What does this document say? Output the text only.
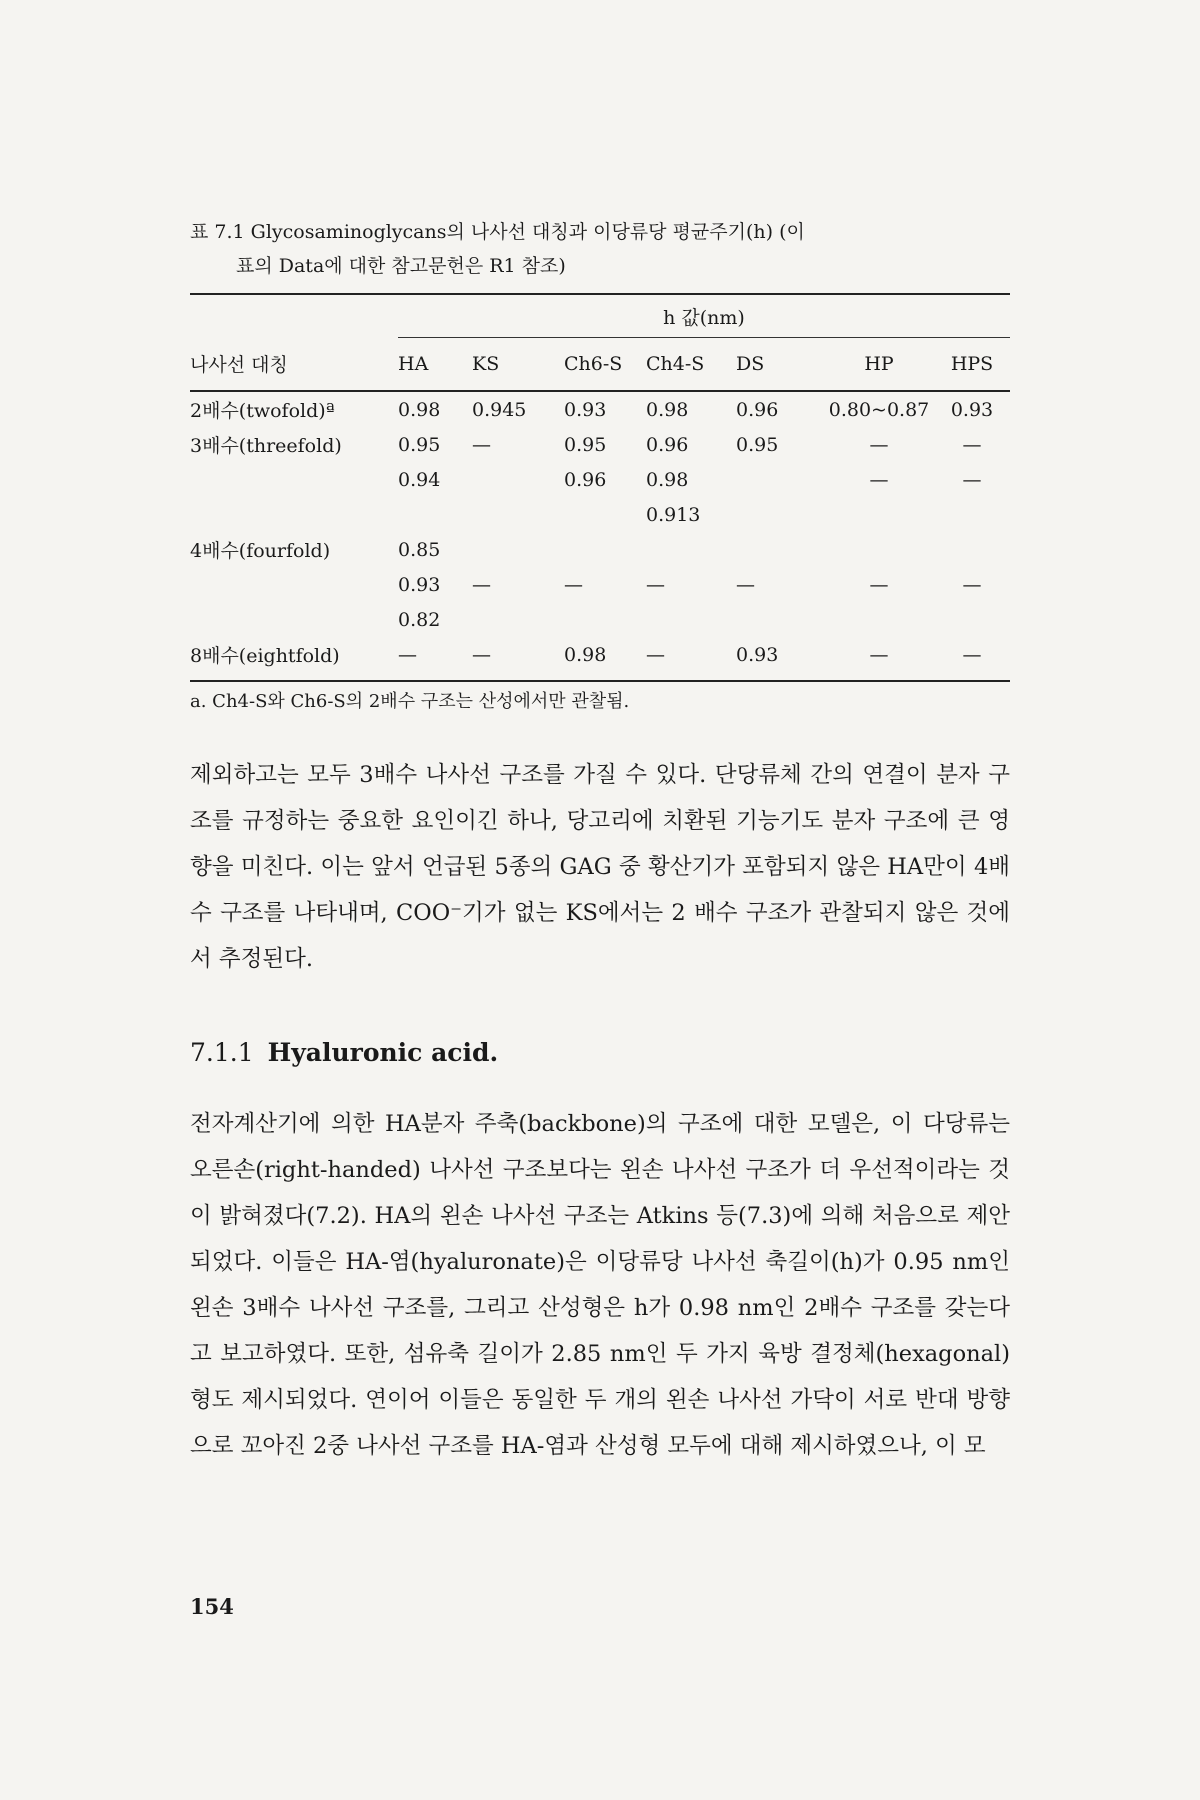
표 7.1 Glycosaminoglycans의 나사선 대칭과 이당류당 평균주기(h) (이
표의 Data에 대한 참고문헌은 R1 참조)
	h 값(nm)						
나사선 대칭	HA	KS	Ch6-S	Ch4-S	DS	HP	HPS
2배수(twofold)ª	0.98	0.945	0.93	0.98	0.96	0.80~0.87	0.93
3배수(threefold)	0.95	—	0.95	0.96	0.95	—	—
	0.94		0.96	0.98		—	—
				0.913			
4배수(fourfold)	0.85						
	0.93	—	—	—	—	—	—
	0.82						
8배수(eightfold)	—	—	0.98	—	0.93	—	—
a. Ch4-S와 Ch6-S의 2배수 구조는 산성에서만 관찰됨.

제외하고는 모두 3배수 나사선 구조를 가질 수 있다. 단당류체 간의 연결이 분자 구조를 규정하는 중요한 요인이긴 하나, 당고리에 치환된 기능기도 분자 구조에 큰 영향을 미친다. 이는 앞서 언급된 5종의 GAG 중 황산기가 포함되지 않은 HA만이 4배수 구조를 나타내며, COO⁻기가 없는 KS에서는 2 배수 구조가 관찰되지 않은 것에서 추정된다.

7.1.1 Hyaluronic acid.

전자계산기에 의한 HA분자 주축(backbone)의 구조에 대한 모델은, 이 다당류는 오른손(right-handed) 나사선 구조보다는 왼손 나사선 구조가 더 우선적이라는 것이 밝혀졌다(7.2). HA의 왼손 나사선 구조는 Atkins 등(7.3)에 의해 처음으로 제안되었다. 이들은 HA-염(hyaluronate)은 이당류당 나사선 축길이(h)가 0.95 nm인 왼손 3배수 나사선 구조를, 그리고 산성형은 h가 0.98 nm인 2배수 구조를 갖는다고 보고하였다. 또한, 섬유축 길이가 2.85 nm인 두 가지 육방 결정체(hexagonal)형도 제시되었다. 연이어 이들은 동일한 두 개의 왼손 나사선 가닥이 서로 반대 방향으로 꼬아진 2중 나사선 구조를 HA-염과 산성형 모두에 대해 제시하였으나, 이 모

154
